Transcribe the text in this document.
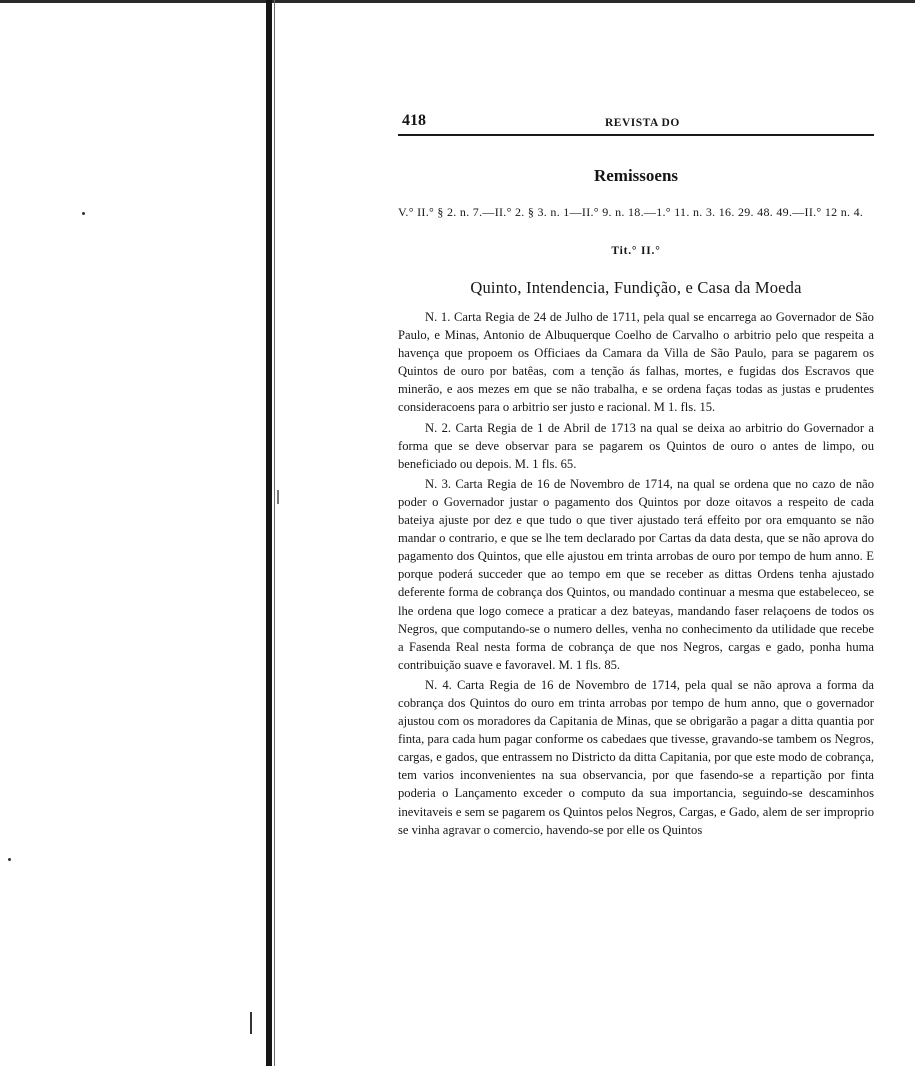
418	REVISTA DO
Remissoens
V.° II.° § 2. n. 7.—II.° 2. § 3. n. 1—II.° 9. n. 18.—1.° 11. n. 3. 16. 29. 48. 49.—II.° 12 n. 4.
Tit.° II.°
Quinto, Intendencia, Fundição, e Casa da Moeda

N. 1. Carta Regia de 24 de Julho de 1711, pela qual se encarrega ao Governador de São Paulo, e Minas, Antonio de Albuquerque Coelho de Carvalho o arbitrio pelo que respeita a havença que propoem os Officiaes da Camara da Villa de São Paulo, para se pagarem os Quintos de ouro por batêas, com a tenção ás falhas, mortes, e fugidas dos Escravos que minerão, e aos mezes em que se não trabalha, e se ordena faças todas as justas e prudentes consideracoens para o arbitrio ser justo e racional. M 1. fls. 15.

N. 2. Carta Regia de 1 de Abril de 1713 na qual se deixa ao arbitrio do Governador a forma que se deve observar para se pagarem os Quintos de ouro o antes de limpo, ou beneficiado ou depois. M. 1 fls. 65.

N. 3. Carta Regia de 16 de Novembro de 1714, na qual se ordena que no cazo de não poder o Governador justar o pagamento dos Quintos por doze oitavos a respeito de cada bateiya ajuste por dez e que tudo o que tiver ajustado terá effeito por ora emquanto se não mandar o contrario, e que se lhe tem declarado por Cartas da data desta, que se não aprova do pagamento dos Quintos, que elle ajustou em trinta arrobas de ouro por tempo de hum anno. E porque poderá succeder que ao tempo em que se receber as dittas Ordens tenha ajustado deferente forma de cobrança dos Quintos, ou mandado continuar a mesma que estabeleceo, se lhe ordena que logo comece a praticar a dez bateyas, mandando faser relaçoens de todos os Negros, que computando-se o numero delles, venha no conhecimento da utilidade que recebe a Fasenda Real nesta forma de cobrança de que nos Negros, cargas e gado, ponha huma contribuição suave e favoravel. M. 1 fls. 85.

N. 4. Carta Regia de 16 de Novembro de 1714, pela qual se não aprova a forma da cobrança dos Quintos do ouro em trinta arrobas por tempo de hum anno, que o governador ajustou com os moradores da Capitania de Minas, que se obrigarão a pagar a ditta quantia por finta, para cada hum pagar conforme os cabedaes que tivesse, gravando-se tambem os Negros, cargas, e gados, que entrassem no Districto da ditta Capitania, por que este modo de cobrança, tem varios inconvenientes na sua observancia, por que fasendo-se a repartição por finta poderia o Lançamento exceder o computo da sua importancia, seguindo-se descaminhos inevitaveis e sem se pagarem os Quintos pelos Negros, Cargas, e Gado, alem de ser improprio se vinha agravar o comercio, havendo-se por elle os Quintos
